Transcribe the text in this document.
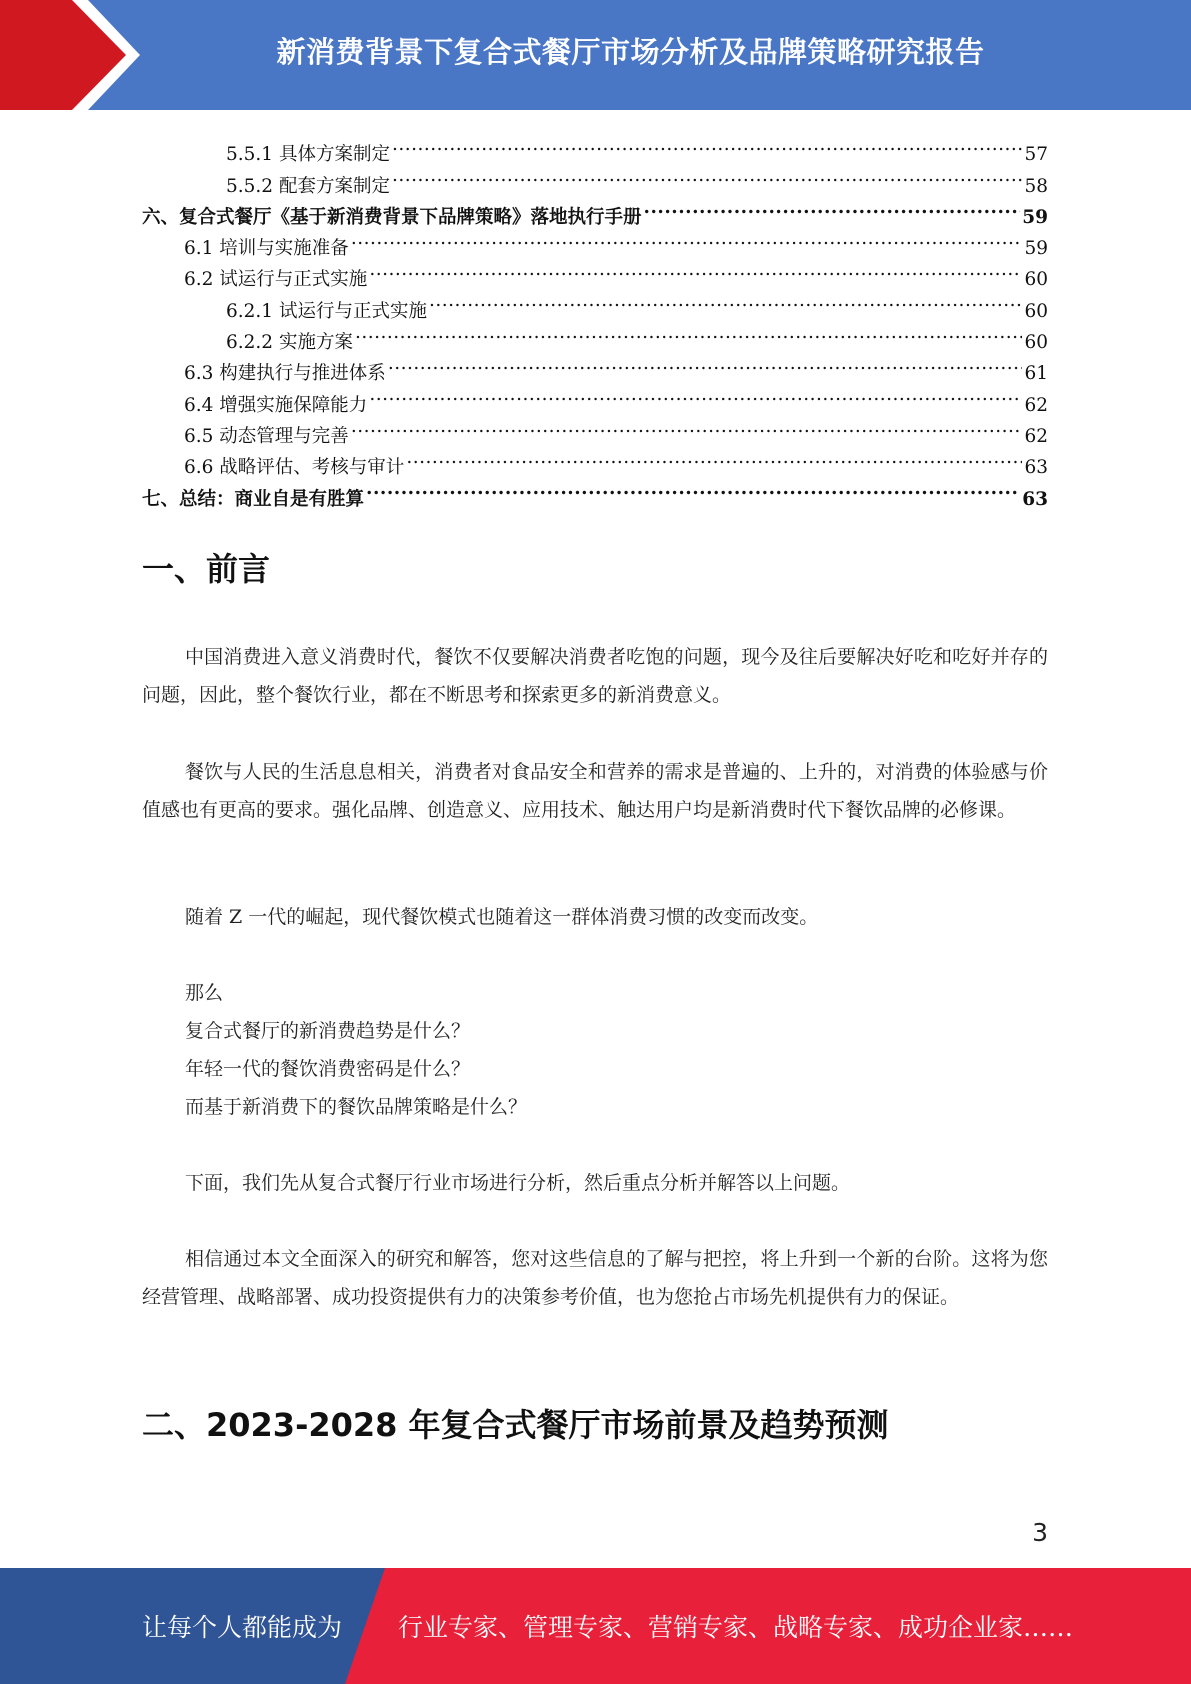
新消费背景下复合式餐厅市场分析及品牌策略研究报告
5.5.1 具体方案制定 .....	57
5.5.2 配套方案制定 .....	58
六、复合式餐厅《基于新消费背景下品牌策略》落地执行手册 .....	59
6.1 培训与实施准备 .....	59
6.2 试运行与正式实施 .....	60
6.2.1 试运行与正式实施 .....	60
6.2.2 实施方案 .....	60
6.3 构建执行与推进体系 .....	61
6.4 增强实施保障能力 .....	62
6.5 动态管理与完善 .....	62
6.6 战略评估、考核与审计 .....	63
七、总结：商业自是有胜算 .....	63
一、前言
中国消费进入意义消费时代，餐饮不仅要解决消费者吃饱的问题，现今及往后要解决好吃和吃好并存的问题，因此，整个餐饮行业，都在不断思考和探索更多的新消费意义。
餐饮与人民的生活息息相关，消费者对食品安全和营养的需求是普遍的、上升的，对消费的体验感与价值感也有更高的要求。强化品牌、创造意义、应用技术、触达用户均是新消费时代下餐饮品牌的必修课。
随着 Z 一代的崛起，现代餐饮模式也随着这一群体消费习惯的改变而改变。
那么
复合式餐厅的新消费趋势是什么？
年轻一代的餐饮消费密码是什么？
而基于新消费下的餐饮品牌策略是什么？
下面，我们先从复合式餐厅行业市场进行分析，然后重点分析并解答以上问题。
相信通过本文全面深入的研究和解答，您对这些信息的了解与把控，将上升到一个新的台阶。这将为您经营管理、战略部署、成功投资提供有力的决策参考价值，也为您抢占市场先机提供有力的保证。
二、2023-2028 年复合式餐厅市场前景及趋势预测
3
让每个人都能成为 行业专家、管理专家、营销专家、战略专家、成功企业家……
